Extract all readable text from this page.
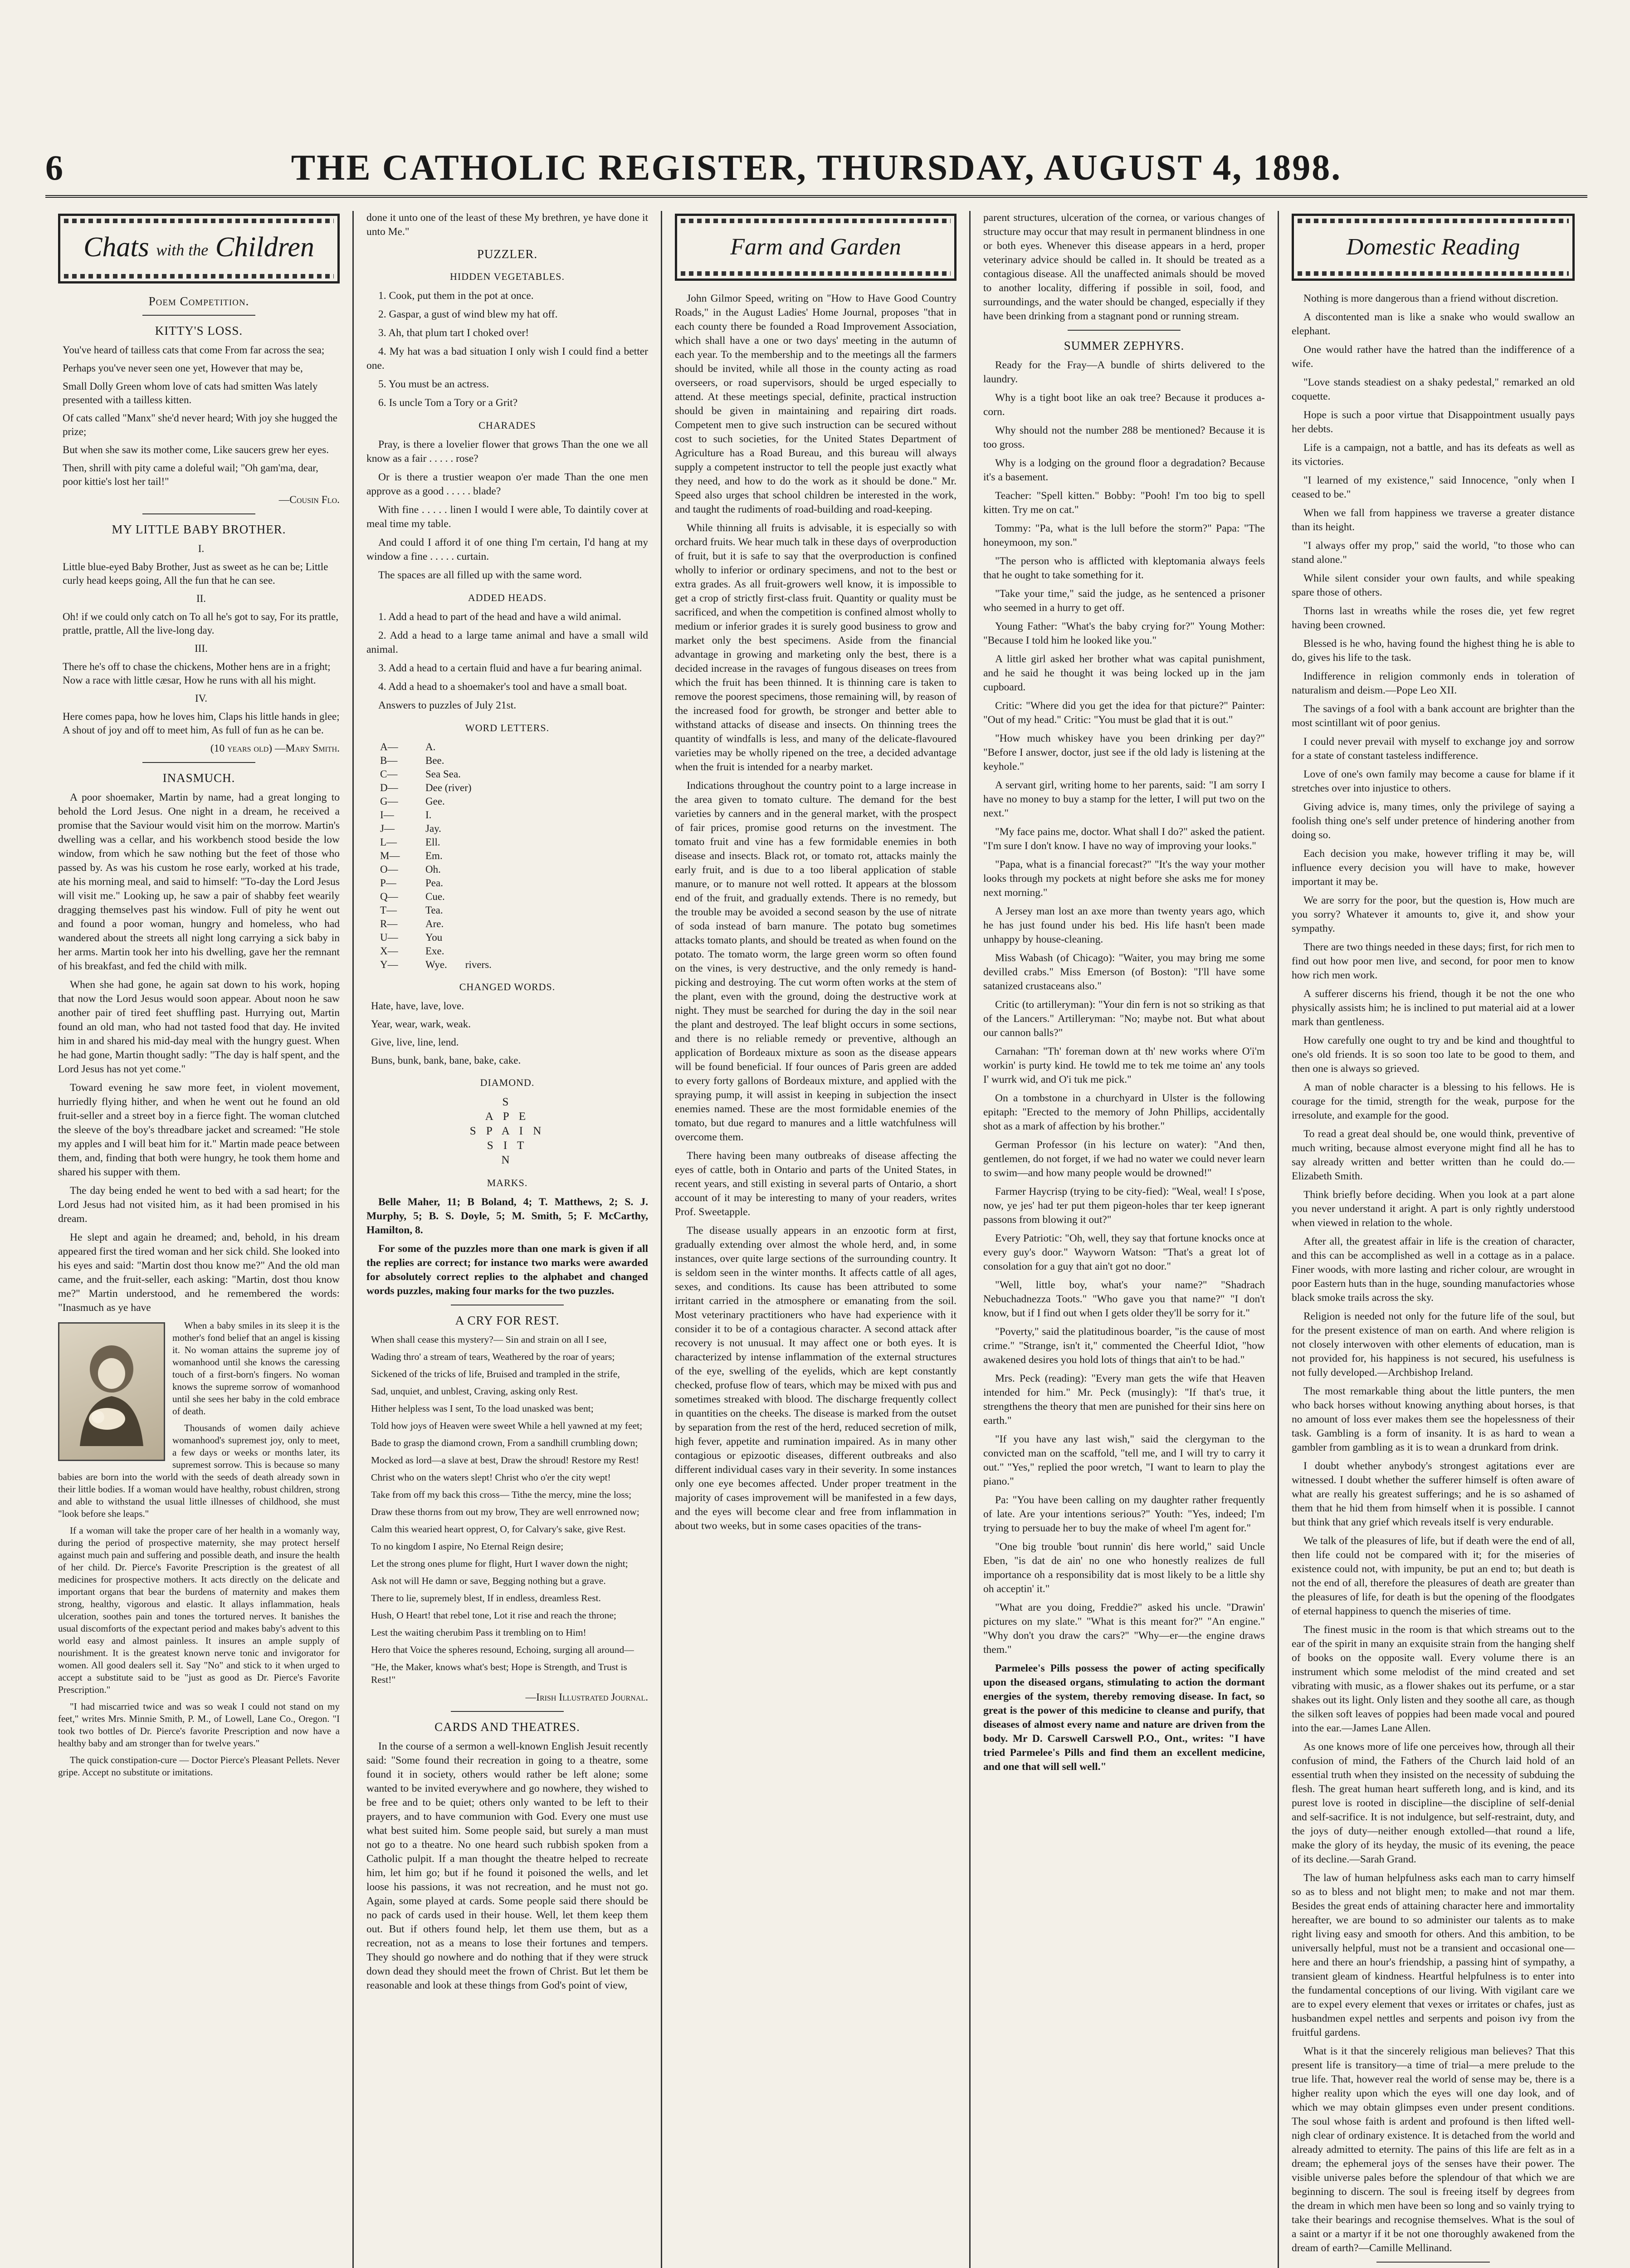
6	THE CATHOLIC REGISTER, THURSDAY, AUGUST 4, 1898.
Chats with the Children
Poem Competition.
KITTY'S LOSS.

You've heard of tailless cats that come From far across the sea;

Perhaps you've never seen one yet, However that may be,

Small Dolly Green whom love of cats had smitten Was lately presented with a tailless kitten.

Of cats called "Manx" she'd never heard; With joy she hugged the prize;

But when she saw its mother come, Like saucers grew her eyes.

Then, shrill with pity came a doleful wail; "Oh gam'ma, dear, poor kittie's lost her tail!"

—Cousin Flo.
MY LITTLE BABY BROTHER.

I.

Little blue-eyed Baby Brother, Just as sweet as he can be; Little curly head keeps going, All the fun that he can see.

II.

Oh! if we could only catch on To all he's got to say, For its prattle, prattle, prattle, All the live-long day.

III.

There he's off to chase the chickens, Mother hens are in a fright; Now a race with little cæsar, How he runs with all his might.

IV.

Here comes papa, how he loves him, Claps his little hands in glee; A shout of joy and off to meet him, As full of fun as he can be.

(10 years old) —Mary Smith.
INASMUCH.

A poor shoemaker, Martin by name, had a great longing to behold the Lord Jesus. One night in a dream, he received a promise that the Saviour would visit him on the morrow. Martin's dwelling was a cellar, and his workbench stood beside the low window, from which he saw nothing but the feet of those who passed by. As was his custom he rose early, worked at his trade, ate his morning meal, and said to himself: "To-day the Lord Jesus will visit me." Looking up, he saw a pair of shabby feet wearily dragging themselves past his window. Full of pity he went out and found a poor woman, hungry and homeless, who had wandered about the streets all night long carrying a sick baby in her arms. Martin took her into his dwelling, gave her the remnant of his breakfast, and fed the child with milk.

When she had gone, he again sat down to his work, hoping that now the Lord Jesus would soon appear. About noon he saw another pair of tired feet shuffling past. Hurrying out, Martin found an old man, who had not tasted food that day. He invited him in and shared his mid-day meal with the hungry guest. When he had gone, Martin thought sadly: "The day is half spent, and the Lord Jesus has not yet come."

Toward evening he saw more feet, in violent movement, hurriedly flying hither, and when he went out he found an old fruit-seller and a street boy in a fierce fight. The woman clutched the sleeve of the boy's threadbare jacket and screamed: "He stole my apples and I will beat him for it." Martin made peace between them, and, finding that both were hungry, he took them home and shared his supper with them.

The day being ended he went to bed with a sad heart; for the Lord Jesus had not visited him, as it had been promised in his dream.

He slept and again he dreamed; and, behold, in his dream appeared first the tired woman and her sick child. She looked into his eyes and said: "Martin dost thou know me?" And the old man came, and the fruit-seller, each asking: "Martin, dost thou know me?" Martin understood, and he remembered the words: "Inasmuch as ye have

When a baby smiles in its sleep it is the mother's fond belief that an angel is kissing it. No woman attains the supreme joy of womanhood until she knows the caressing touch of a first-born's fingers. No woman knows the supreme sorrow of womanhood until she sees her baby in the cold embrace of death.

Thousands of women daily achieve womanhood's supremest joy, only to meet, a few days or weeks or months later, its supremest sorrow. This is because so many babies are born into the world with the seeds of death already sown in their little bodies. If a woman would have healthy, robust children, strong and able to withstand the usual little illnesses of childhood, she must "look before she leaps."

If a woman will take the proper care of her health in a womanly way, during the period of prospective maternity, she may protect herself against much pain and suffering and possible death, and insure the health of her child. Dr. Pierce's Favorite Prescription is the greatest of all medicines for prospective mothers. It acts directly on the delicate and important organs that bear the burdens of maternity and makes them strong, healthy, vigorous and elastic. It allays inflammation, heals ulceration, soothes pain and tones the tortured nerves. It banishes the usual discomforts of the expectant period and makes baby's advent to this world easy and almost painless. It insures an ample supply of nourishment. It is the greatest known nerve tonic and invigorator for women. All good dealers sell it. Say "No" and stick to it when urged to accept a substitute said to be "just as good as Dr. Pierce's Favorite Prescription."

"I had miscarried twice and was so weak I could not stand on my feet," writes Mrs. Minnie Smith, P. M., of Lowell, Lane Co., Oregon. "I took two bottles of Dr. Pierce's favorite Prescription and now have a healthy baby and am stronger than for twelve years."

The quick constipation-cure — Doctor Pierce's Pleasant Pellets. Never gripe. Accept no substitute or imitations.

done it unto one of the least of these My brethren, ye have done it unto Me."

PUZZLER.
HIDDEN VEGETABLES.

1. Cook, put them in the pot at once.

2. Gaspar, a gust of wind blew my hat off.

3. Ah, that plum tart I choked over!

4. My hat was a bad situation I only wish I could find a better one.

5. You must be an actress.

6. Is uncle Tom a Tory or a Grit?

CHARADES

Pray, is there a lovelier flower that grows Than the one we all know as a fair . . . . . rose?

Or is there a trustier weapon o'er made Than the one men approve as a good . . . . . blade?

With fine . . . . . linen I would I were able, To daintily cover at meal time my table.

And could I afford it of one thing I'm certain, I'd hang at my window a fine . . . . . curtain.

The spaces are all filled up with the same word.

ADDED HEADS.

1. Add a head to part of the head and have a wild animal.

2. Add a head to a large tame animal and have a small wild animal.

3. Add a head to a certain fluid and have a fur bearing animal.

4. Add a head to a shoemaker's tool and have a small boat.

Answers to puzzles of July 21st.

WORD LETTERS.
A—	A.
B—	Bee.
C—	Sea Sea.
D—	Dee (river)
G—	Gee.
I—	I.
J—	Jay.
L—	Ell.
M—	Em.
O—	Oh.
P—	Pea.
Q—	Cue.
T—	Tea.
R—	Are.
U—	You
X—	Exe.
Y—	Wye. rivers.
CHANGED WORDS.

Hate, have, lave, love.

Year, wear, wark, weak.

Give, live, line, lend.

Buns, bunk, bank, bane, bake, cake.

DIAMOND.
S
A P E
S P A I N
S I T
N
MARKS.

Belle Maher, 11; B Boland, 4; T. Matthews, 2; S. J. Murphy, 5; B. S. Doyle, 5; M. Smith, 5; F. McCarthy, Hamilton, 8.

For some of the puzzles more than one mark is given if all the replies are correct; for instance two marks were awarded for absolutely correct replies to the alphabet and changed words puzzles, making four marks for the two puzzles.

A CRY FOR REST.

When shall cease this mystery?— Sin and strain on all I see,

Wading thro' a stream of tears, Weathered by the roar of years;

Sickened of the tricks of life, Bruised and trampled in the strife,

Sad, unquiet, and unblest, Craving, asking only Rest.

Hither helpless was I sent, To the load unasked was bent;

Told how joys of Heaven were sweet While a hell yawned at my feet;

Bade to grasp the diamond crown, From a sandhill crumbling down;

Mocked as lord—a slave at best, Draw the shroud! Restore my Rest!

Christ who on the waters slept! Christ who o'er the city wept!

Take from off my back this cross— Tithe the mercy, mine the loss;

Draw these thorns from out my brow, They are well enrrowned now;

Calm this wearied heart opprest, O, for Calvary's sake, give Rest.

To no kingdom I aspire, No Eternal Reign desire;

Let the strong ones plume for flight, Hurt I waver down the night;

Ask not will He damn or save, Begging nothing but a grave.

There to lie, supremely blest, If in endless, dreamless Rest.

Hush, O Heart! that rebel tone, Lot it rise and reach the throne;

Lest the waiting cherubim Pass it trembling on to Him!

Hero that Voice the spheres resound, Echoing, surging all around—

"He, the Maker, knows what's best; Hope is Strength, and Trust is Rest!"

—Irish Illustrated Journal.
CARDS AND THEATRES.

In the course of a sermon a well-known English Jesuit recently said: "Some found their recreation in going to a theatre, some found it in society, others would rather be left alone; some wanted to be invited everywhere and go nowhere, they wished to be free and to be quiet; others only wanted to be left to their prayers, and to have communion with God. Every one must use what best suited him. Some people said, but surely a man must not go to a theatre. No one heard such rubbish spoken from a Catholic pulpit. If a man thought the theatre helped to recreate him, let him go; but if he found it poisoned the wells, and let loose his passions, it was not recreation, and he must not go. Again, some played at cards. Some people said there should be no pack of cards used in their house. Well, let them keep them out. But if others found help, let them use them, but as a recreation, not as a means to lose their fortunes and tempers. They should go nowhere and do nothing that if they were struck down dead they should meet the frown of Christ. But let them be reasonable and look at these things from God's point of view,

Farm and Garden

John Gilmor Speed, writing on "How to Have Good Country Roads," in the August Ladies' Home Journal, proposes "that in each county there be founded a Road Improvement Association, which shall have a one or two days' meeting in the autumn of each year. To the membership and to the meetings all the farmers should be invited, while all those in the county acting as road overseers, or road supervisors, should be urged especially to attend. At these meetings special, definite, practical instruction should be given in maintaining and repairing dirt roads. Competent men to give such instruction can be secured without cost to such societies, for the United States Department of Agriculture has a Road Bureau, and this bureau will always supply a competent instructor to tell the people just exactly what they need, and how to do the work as it should be done." Mr. Speed also urges that school children be interested in the work, and taught the rudiments of road-building and road-keeping.

While thinning all fruits is advisable, it is especially so with orchard fruits. We hear much talk in these days of overproduction of fruit, but it is safe to say that the overproduction is confined wholly to inferior or ordinary specimens, and not to the best or extra grades. As all fruit-growers well know, it is impossible to get a crop of strictly first-class fruit. Quantity or quality must be sacrificed, and when the competition is confined almost wholly to medium or inferior grades it is surely good business to grow and market only the best specimens. Aside from the financial advantage in growing and marketing only the best, there is a decided increase in the ravages of fungous diseases on trees from which the fruit has been thinned. It is thinning care is taken to remove the poorest specimens, those remaining will, by reason of the increased food for growth, be stronger and better able to withstand attacks of disease and insects. On thinning trees the quantity of windfalls is less, and many of the delicate-flavoured varieties may be wholly ripened on the tree, a decided advantage when the fruit is intended for a nearby market.

Indications throughout the country point to a large increase in the area given to tomato culture. The demand for the best varieties by canners and in the general market, with the prospect of fair prices, promise good returns on the investment. The tomato fruit and vine has a few formidable enemies in both disease and insects. Black rot, or tomato rot, attacks mainly the early fruit, and is due to a too liberal application of stable manure, or to manure not well rotted. It appears at the blossom end of the fruit, and gradually extends. There is no remedy, but the trouble may be avoided a second season by the use of nitrate of soda instead of barn manure. The potato bug sometimes attacks tomato plants, and should be treated as when found on the potato. The tomato worm, the large green worm so often found on the vines, is very destructive, and the only remedy is hand-picking and destroying. The cut worm often works at the stem of the plant, even with the ground, doing the destructive work at night. They must be searched for during the day in the soil near the plant and destroyed. The leaf blight occurs in some sections, and there is no reliable remedy or preventive, although an application of Bordeaux mixture as soon as the disease appears will be found beneficial. If four ounces of Paris green are added to every forty gallons of Bordeaux mixture, and applied with the spraying pump, it will assist in keeping in subjection the insect enemies named. These are the most formidable enemies of the tomato, but due regard to manures and a little watchfulness will overcome them.

There having been many outbreaks of disease affecting the eyes of cattle, both in Ontario and parts of the United States, in recent years, and still existing in several parts of Ontario, a short account of it may be interesting to many of your readers, writes Prof. Sweetapple.

The disease usually appears in an enzootic form at first, gradually extending over almost the whole herd, and, in some instances, over quite large sections of the surrounding country. It is seldom seen in the winter months. It affects cattle of all ages, sexes, and conditions. Its cause has been attributed to some irritant carried in the atmosphere or emanating from the soil. Most veterinary practitioners who have had experience with it consider it to be of a contagious character. A second attack after recovery is not unusual. It may affect one or both eyes. It is characterized by intense inflammation of the external structures of the eye, swelling of the eyelids, which are kept constantly checked, profuse flow of tears, which may be mixed with pus and sometimes streaked with blood. The discharge frequently collect in quantities on the cheeks. The disease is marked from the outset by separation from the rest of the herd, reduced secretion of milk, high fever, appetite and rumination impaired. As in many other contagious or epizootic diseases, different outbreaks and also different individual cases vary in their severity. In some instances only one eye becomes affected. Under proper treatment in the majority of cases improvement will be manifested in a few days, and the eyes will become clear and free from inflammation in about two weeks, but in some cases opacities of the trans-

parent structures, ulceration of the cornea, or various changes of structure may occur that may result in permanent blindness in one or both eyes. Whenever this disease appears in a herd, proper veterinary advice should be called in. It should be treated as a contagious disease. All the unaffected animals should be moved to another locality, differing if possible in soil, food, and surroundings, and the water should be changed, especially if they have been drinking from a stagnant pond or running stream.

SUMMER ZEPHYRS.

Ready for the Fray—A bundle of shirts delivered to the laundry.

Why is a tight boot like an oak tree? Because it produces a-corn.

Why should not the number 288 be mentioned? Because it is too gross.

Why is a lodging on the ground floor a degradation? Because it's a basement.

Teacher: "Spell kitten." Bobby: "Pooh! I'm too big to spell kitten. Try me on cat."

Tommy: "Pa, what is the lull before the storm?" Papa: "The honeymoon, my son."

"The person who is afflicted with kleptomania always feels that he ought to take something for it.

"Take your time," said the judge, as he sentenced a prisoner who seemed in a hurry to get off.

Young Father: "What's the baby crying for?" Young Mother: "Because I told him he looked like you."

A little girl asked her brother what was capital punishment, and he said he thought it was being locked up in the jam cupboard.

Critic: "Where did you get the idea for that picture?" Painter: "Out of my head." Critic: "You must be glad that it is out."

"How much whiskey have you been drinking per day?" "Before I answer, doctor, just see if the old lady is listening at the keyhole."

A servant girl, writing home to her parents, said: "I am sorry I have no money to buy a stamp for the letter, I will put two on the next."

"My face pains me, doctor. What shall I do?" asked the patient. "I'm sure I don't know. I have no way of improving your looks."

"Papa, what is a financial forecast?" "It's the way your mother looks through my pockets at night before she asks me for money next morning."

A Jersey man lost an axe more than twenty years ago, which he has just found under his bed. His life hasn't been made unhappy by house-cleaning.

Miss Wabash (of Chicago): "Waiter, you may bring me some devilled crabs." Miss Emerson (of Boston): "I'll have some satanized crustaceans also."

Critic (to artilleryman): "Your din fern is not so striking as that of the Lancers." Artilleryman: "No; maybe not. But what about our cannon balls?"

Carnahan: "Th' foreman down at th' new works where O'i'm workin' is purty kind. He towld me to tek me toime an' any tools I' wurrk wid, and O'i tuk me pick."

On a tombstone in a churchyard in Ulster is the following epitaph: "Erected to the memory of John Phillips, accidentally shot as a mark of affection by his brother."

German Professor (in his lecture on water): "And then, gentlemen, do not forget, if we had no water we could never learn to swim—and how many people would be drowned!"

Farmer Haycrisp (trying to be city-fied): "Weal, weal! I s'pose, now, ye jes' had ter put them pigeon-holes thar ter keep ignerant passons from blowing it out?"

Every Patriotic: "Oh, well, they say that fortune knocks once at every guy's door." Wayworn Watson: "That's a great lot of consolation for a guy that ain't got no door."

"Well, little boy, what's your name?" "Shadrach Nebuchadnezza Toots." "Who gave you that name?" "I don't know, but if I find out when I gets older they'll be sorry for it."

"Poverty," said the platitudinous boarder, "is the cause of most crime." "Strange, isn't it," commented the Cheerful Idiot, "how awakened desires you hold lots of things that ain't to be had."

Mrs. Peck (reading): "Every man gets the wife that Heaven intended for him." Mr. Peck (musingly): "If that's true, it strengthens the theory that men are punished for their sins here on earth."

"If you have any last wish," said the clergyman to the convicted man on the scaffold, "tell me, and I will try to carry it out." "Yes," replied the poor wretch, "I want to learn to play the piano."

Pa: "You have been calling on my daughter rather frequently of late. Are your intentions serious?" Youth: "Yes, indeed; I'm trying to persuade her to buy the make of wheel I'm agent for."

"One big trouble 'bout runnin' dis here world," said Uncle Eben, "is dat de ain' no one who honestly realizes de full importance oh a responsibility dat is most likely to be a little shy oh acceptin' it."

"What are you doing, Freddie?" asked his uncle. "Drawin' pictures on my slate." "What is this meant for?" "An engine." "Why don't you draw the cars?" "Why—er—the engine draws them."

Parmelee's Pills possess the power of acting specifically upon the diseased organs, stimulating to action the dormant energies of the system, thereby removing disease. In fact, so great is the power of this medicine to cleanse and purify, that diseases of almost every name and nature are driven from the body. Mr D. Carswell Carswell P.O., Ont., writes: "I have tried Parmelee's Pills and find them an excellent medicine, and one that will sell well."

Domestic Reading

Nothing is more dangerous than a friend without discretion.

A discontented man is like a snake who would swallow an elephant.

One would rather have the hatred than the indifference of a wife.

"Love stands steadiest on a shaky pedestal," remarked an old coquette.

Hope is such a poor virtue that Disappointment usually pays her debts.

Life is a campaign, not a battle, and has its defeats as well as its victories.

"I learned of my existence," said Innocence, "only when I ceased to be."

When we fall from happiness we traverse a greater distance than its height.

"I always offer my prop," said the world, "to those who can stand alone."

While silent consider your own faults, and while speaking spare those of others.

Thorns last in wreaths while the roses die, yet few regret having been crowned.

Blessed is he who, having found the highest thing he is able to do, gives his life to the task.

Indifference in religion commonly ends in toleration of naturalism and deism.—Pope Leo XII.

The savings of a fool with a bank account are brighter than the most scintillant wit of poor genius.

I could never prevail with myself to exchange joy and sorrow for a state of constant tasteless indifference.

Love of one's own family may become a cause for blame if it stretches over into injustice to others.

Giving advice is, many times, only the privilege of saying a foolish thing one's self under pretence of hindering another from doing so.

Each decision you make, however trifling it may be, will influence every decision you will have to make, however important it may be.

We are sorry for the poor, but the question is, How much are you sorry? Whatever it amounts to, give it, and show your sympathy.

There are two things needed in these days; first, for rich men to find out how poor men live, and second, for poor men to know how rich men work.

A sufferer discerns his friend, though it be not the one who physically assists him; he is inclined to put material aid at a lower mark than gentleness.

How carefully one ought to try and be kind and thoughtful to one's old friends. It is so soon too late to be good to them, and then one is always so grieved.

A man of noble character is a blessing to his fellows. He is courage for the timid, strength for the weak, purpose for the irresolute, and example for the good.

To read a great deal should be, one would think, preventive of much writing, because almost everyone might find all he has to say already written and better written than he could do.—Elizabeth Smith.

Think briefly before deciding. When you look at a part alone you never understand it aright. A part is only rightly understood when viewed in relation to the whole.

After all, the greatest affair in life is the creation of character, and this can be accomplished as well in a cottage as in a palace. Finer woods, with more lasting and richer colour, are wrought in poor Eastern huts than in the huge, sounding manufactories whose black smoke trails across the sky.

Religion is needed not only for the future life of the soul, but for the present existence of man on earth. And where religion is not closely interwoven with other elements of education, man is not provided for, his happiness is not secured, his usefulness is not fully developed.—Archbishop Ireland.

The most remarkable thing about the little punters, the men who back horses without knowing anything about horses, is that no amount of loss ever makes them see the hopelessness of their task. Gambling is a form of insanity. It is as hard to wean a gambler from gambling as it is to wean a drunkard from drink.

I doubt whether anybody's strongest agitations ever are witnessed. I doubt whether the sufferer himself is often aware of what are really his greatest sufferings; and he is so ashamed of them that he hid them from himself when it is possible. I cannot but think that any grief which reveals itself is very endurable.

We talk of the pleasures of life, but if death were the end of all, then life could not be compared with it; for the miseries of existence could not, with impunity, be put an end to; but death is not the end of all, therefore the pleasures of death are greater than the pleasures of life, for death is but the opening of the floodgates of eternal happiness to quench the miseries of time.

The finest music in the room is that which streams out to the ear of the spirit in many an exquisite strain from the hanging shelf of books on the opposite wall. Every volume there is an instrument which some melodist of the mind created and set vibrating with music, as a flower shakes out its perfume, or a star shakes out its light. Only listen and they soothe all care, as though the silken soft leaves of poppies had been made vocal and poured into the ear.—James Lane Allen.

As one knows more of life one perceives how, through all their confusion of mind, the Fathers of the Church laid hold of an essential truth when they insisted on the necessity of subduing the flesh. The great human heart suffereth long, and is kind, and its purest love is rooted in discipline—the discipline of self-denial and self-sacrifice. It is not indulgence, but self-restraint, duty, and the joys of duty—neither enough extolled—that round a life, make the glory of its heyday, the music of its evening, the peace of its decline.—Sarah Grand.

The law of human helpfulness asks each man to carry himself so as to bless and not blight men; to make and not mar them. Besides the great ends of attaining character here and immortality hereafter, we are bound to so administer our talents as to make right living easy and smooth for others. And this ambition, to be universally helpful, must not be a transient and occasional one—here and there an hour's friendship, a passing hint of sympathy, a transient gleam of kindness. Heartful helpfulness is to enter into the fundamental conceptions of our living. With vigilant care we are to expel every element that vexes or irritates or chafes, just as husbandmen expel nettles and serpents and poison ivy from the fruitful gardens.

What is it that the sincerely religious man believes? That this present life is transitory—a time of trial—a mere prelude to the true life. That, however real the world of sense may be, there is a higher reality upon which the eyes will one day look, and of which we may obtain glimpses even under present conditions. The soul whose faith is ardent and profound is then lifted well-nigh clear of ordinary existence. It is detached from the world and already admitted to eternity. The pains of this life are felt as in a dream; the ephemeral joys of the senses have their power. The visible universe pales before the splendour of that which we are beginning to discern. The soul is freeing itself by degrees from the dream in which men have been so long and so vainly trying to take their bearings and recognise themselves. What is the soul of a saint or a martyr if it be not one thoroughly awakened from the dream of earth?—Camille Mellinand.
